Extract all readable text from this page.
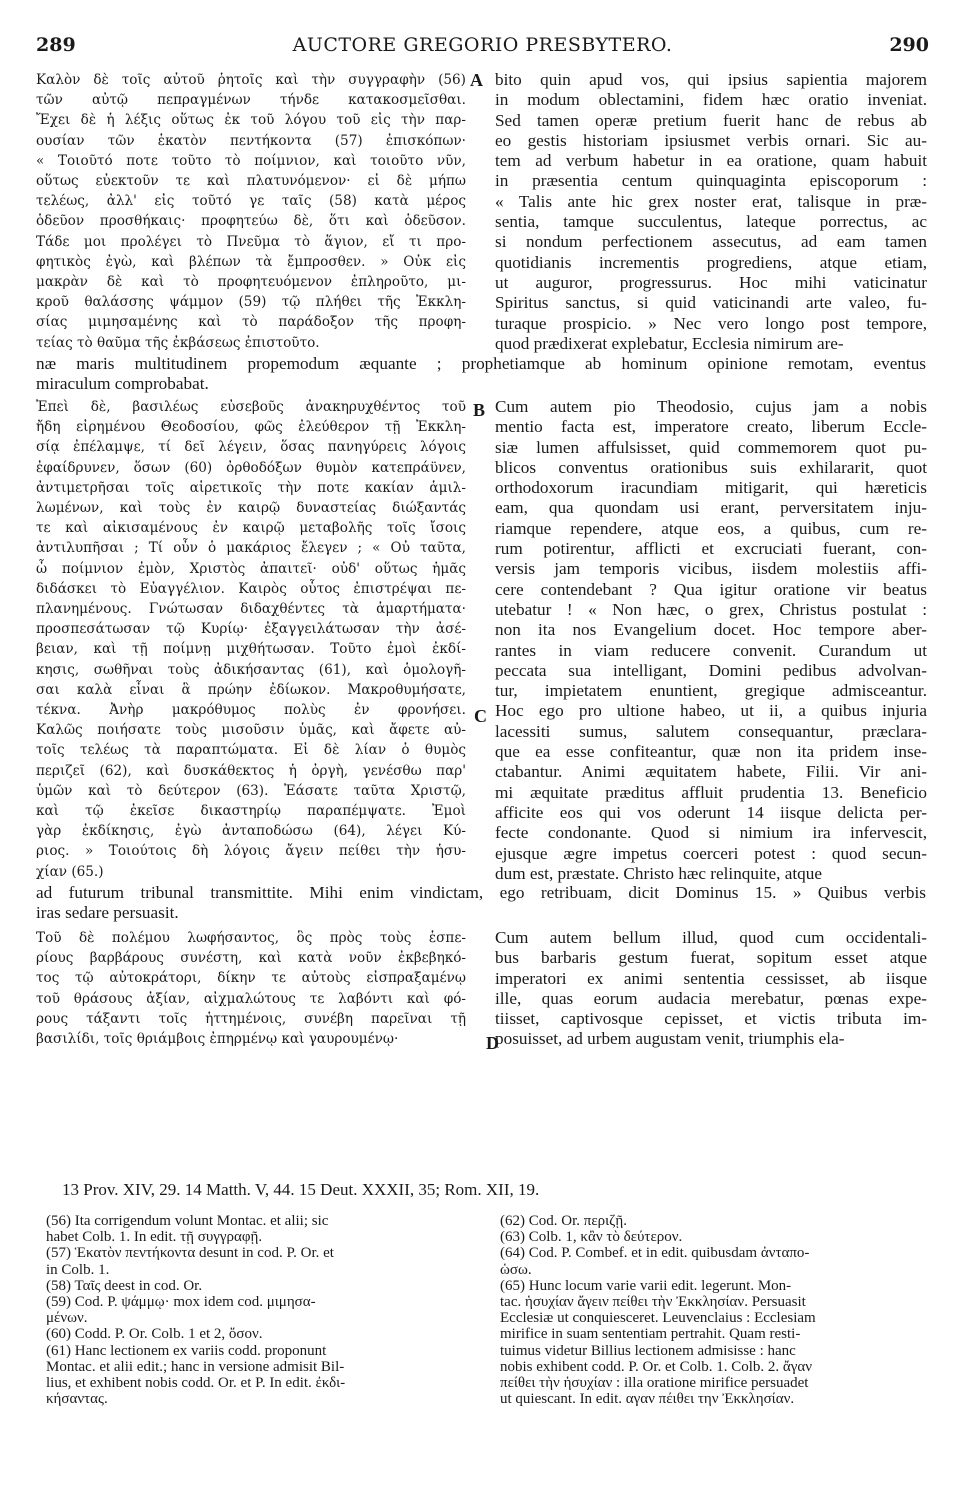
289	AUCTORE GREGORIO PRESBYTERO.	290
Καλὸν δὲ τοῖς αὐτοῦ ῥητοῖς καὶ τὴν συγγραφὴν (56)
τῶν αὐτῷ πεπραγμένων τήνδε κατακοσμεῖσθαι.
Ἔχει δὲ ἡ λέξις οὕτως ἐκ τοῦ λόγου τοῦ εἰς τὴν παρ-
ουσίαν τῶν ἑκατὸν πεντήκοντα (57) ἐπισκόπων·
« Τοιοῦτό ποτε τοῦτο τὸ ποίμνιον, καὶ τοιοῦτο νῦν,
οὕτως εὐεκτοῦν τε καὶ πλατυνόμενον· εἰ δὲ μήπω
τελέως, ἀλλ' εἰς τοῦτό γε ταῖς (58) κατὰ μέρος
ὁδεῦον προσθήκαις· προφητεύω δὲ, ὅτι καὶ ὁδεῦσον.
Τάδε μοι προλέγει τὸ Πνεῦμα τὸ ἅγιον, εἴ τι προ-
φητικὸς ἐγὼ, καὶ βλέπων τὰ ἔμπροσθεν. » Οὐκ εἰς
μακρὰν δὲ καὶ τὸ προφητευόμενον ἐπληροῦτο, μι-
κροῦ θαλάσσης ψάμμον (59) τῷ πλήθει τῆς Ἐκκλη-
σίας μιμησαμένης καὶ τὸ παράδοξον τῆς προφη-
τείας τὸ θαῦμα τῆς ἐκβάσεως ἐπιστοῦτο.
A bito quin apud vos, qui ipsius sapientia majorem
in modum oblectamini, fidem hæc oratio inveniat.
Sed tamen operæ pretium fuerit hanc de rebus ab
eo gestis historiam ipsiusmet verbis ornari. Sic au-
tem ad verbum habetur in ea oratione, quam habuit
in præsentia centum quinquaginta episcoporum :
« Talis ante hic grex noster erat, talisque in præ-
sentia, tamque succulentus, lateque porrectus, ac
si nondum perfectionem assecutus, ad eam tamen
quotidianis incrementis progrediens, atque etiam,
ut auguror, progressurus. Hoc mihi vaticinatur
Spiritus sanctus, si quid vaticinandi arte valeo, fu-
turaque prospicio. » Nec vero longo post tempore,
quod prædixerat explebatur, Ecclesia nimirum are-
næ maris multitudinem propemodum æquante ; prophetiamque ab hominum opinione remotam, eventus
miraculum comprobabat.
Ἐπεὶ δὲ, βασιλέως εὐσεβοῦς ἀνακηρυχθέντος τοῦ
ἤδη εἰρημένου Θεοδοσίου, φῶς ἐλεύθερον τῇ Ἐκκλη-
σίᾳ ἐπέλαμψε, τί δεῖ λέγειν, ὅσας πανηγύρεις λόγοις
ἐφαίδρυνεν, ὅσων (60) ὀρθοδόξων θυμὸν κατεπράϋνεν,
ἀντιμετρῆσαι τοῖς αἱρετικοῖς τὴν ποτε κακίαν ἁμιλ-
λωμένων, καὶ τοὺς ἐν καιρῷ δυναστείας διώξαντάς
τε καὶ αἰκισαμένους ἐν καιρῷ μεταβολῆς τοῖς ἴσοις
ἀντιλυπῆσαι ; Τί οὖν ὁ μακάριος ἔλεγεν ; « Οὐ ταῦτα,
ὦ ποίμνιον ἐμὸν, Χριστὸς ἀπαιτεῖ· οὐδ' οὕτως ἡμᾶς
διδάσκει τὸ Εὐαγγέλιον. Καιρὸς οὗτος ἐπιστρέψαι πε-
πλανημένους. Γνώτωσαν διδαχθέντες τὰ ἁμαρτήματα·
προσπεσάτωσαν τῷ Κυρίῳ· ἐξαγγειλάτωσαν τὴν ἀσέ-
βειαν, καὶ τῇ ποίμνῃ μιχθήτωσαν. Τοῦτο ἐμοὶ ἐκδί-
κησις, σωθῆναι τοὺς ἀδικήσαντας (61), καὶ ὁμολογῆ-
σαι καλὰ εἶναι ἃ πρώην ἐδίωκον. Μακροθυμήσατε,
τέκνα. Ἀνὴρ μακρόθυμος πολὺς ἐν φρονήσει.
Καλῶς ποιήσατε τοὺς μισοῦσιν ὑμᾶς, καὶ ἄφετε αὐ-
τοῖς τελέως τὰ παραπτώματα. Εἰ δὲ λίαν ὁ θυμὸς
περιζεῖ (62), καὶ δυσκάθεκτος ἡ ὀργὴ, γενέσθω παρ'
ὑμῶν καὶ τὸ δεύτερον (63). Ἐάσατε ταῦτα Χριστῷ,
καὶ τῷ ἐκεῖσε δικαστηρίῳ παραπέμψατε. Ἐμοὶ
γὰρ ἐκδίκησις, ἐγὼ ἀνταποδώσω (64), λέγει Κύ-
ριος. » Τοιούτοις δὴ λόγοις ἄγειν πείθει τὴν ἡσυ-
χίαν (65.)
B
C
Cum autem pio Theodosio, cujus jam a nobis
mentio facta est, imperatore creato, liberum Eccle-
siæ lumen affulsisset, quid commemorem quot pu-
blicos conventus orationibus suis exhilararit, quot
orthodoxorum iracundiam mitigarit, qui hæreticis
eam, qua quondam usi erant, perversitatem inju-
riamque rependere, atque eos, a quibus, cum re-
rum potirentur, afflicti et excruciati fuerant, con-
versis jam temporis vicibus, iisdem molestiis affi-
cere contendebant ? Qua igitur oratione vir beatus
utebatur ! « Non hæc, o grex, Christus postulat :
non ita nos Evangelium docet. Hoc tempore aber-
rantes in viam reducere convenit. Curandum ut
peccata sua intelligant, Domini pedibus advolvan-
tur, impietatem enuntient, gregique admisceantur.
Hoc ego pro ultione habeo, ut ii, a quibus injuria
lacessiti sumus, salutem consequantur, præclara-
que ea esse confiteantur, quæ non ita pridem inse-
ctabantur. Animi æquitatem habete, Filii. Vir ani-
mi æquitate præditus affluit prudentia 13. Beneficio
afficite eos qui vos oderunt 14 iisque delicta per-
fecte condonante. Quod si nimium ira infervescit,
ejusque ægre impetus coerceri potest : quod secun-
dum est, præstate. Christo hæc relinquite, atque
ad futurum tribunal transmittite. Mihi enim vindictam, ego retribuam, dicit Dominus 15. » Quibus verbis
iras sedare persuasit.
Τοῦ δὲ πολέμου λωφήσαντος, ὃς πρὸς τοὺς ἑσπε-
ρίους βαρβάρους συνέστη, καὶ κατὰ νοῦν ἐκβεβηκό-
τος τῷ αὐτοκράτορι, δίκην τε αὐτοὺς εἰσπραξαμένῳ
τοῦ θράσους ἀξίαν, αἰχμαλώτους τε λαβόντι καὶ φό-
ρους τάξαντι τοῖς ἡττημένοις, συνέβη παρεῖναι τῇ
βασιλίδι, τοῖς θριάμβοις ἐπηρμένῳ καὶ γαυρουμένῳ·	D
Cum autem bellum illud, quod cum occidentali-
bus barbaris gestum fuerat, sopitum esset atque
imperatori ex animi sententia cessisset, ab iisque
ille, quas eorum audacia merebatur, pœnas expe-
tiisset, captivosque cepisset, et victis tributa im-
posuisset, ad urbem augustam venit, triumphis ela-
13 Prov. XIV, 29. 14 Matth. V, 44. 15 Deut. XXXII, 35; Rom. XII, 19.
(56) Ita corrigendum volunt Montac. et alii; sic
habet Colb. 1. In edit. τῇ συγγραφῇ.
(57) Ἑκατὸν πεντήκοντα desunt in cod. P. Or. et
in Colb. 1.
(58) Ταῖς deest in cod. Or.
(59) Cod. P. ψάμμῳ· mox idem cod. μιμησα-
μένων.
(60) Codd. P. Or. Colb. 1 et 2, ὅσον.
(61) Hanc lectionem ex variis codd. proponunt
Montac. et alii edit.; hanc in versione admisit Bil-
lius, et exhibent nobis codd. Or. et P. In edit. ἐκδι-
κήσαντας.
(62) Cod. Or. περιζῇ.
(63) Colb. 1, κἂν τὸ δεύτερον.
(64) Cod. P. Combef. et in edit. quibusdam ἀνταπο-
ὡσω.
(65) Hunc locum varie varii edit. legerunt. Mon-
tac. ἡσυχίαν ἄγειν πείθει τὴν Ἐκκλησίαν. Persuasit
Ecclesiæ ut conquiesceret. Leuvenclaius : Ecclesiam
mirifice in suam sententiam pertrahit. Quam resti-
tuimus videtur Billius lectionem admisisse : hanc
nobis exhibent codd. P. Or. et Colb. 1. Colb. 2. ἄγαν
πείθει τὴν ἡσυχίαν : illa oratione mirifice persuadet
ut quiescant. In edit. αγαν πέιθει την Ἐκκλησίαν.
